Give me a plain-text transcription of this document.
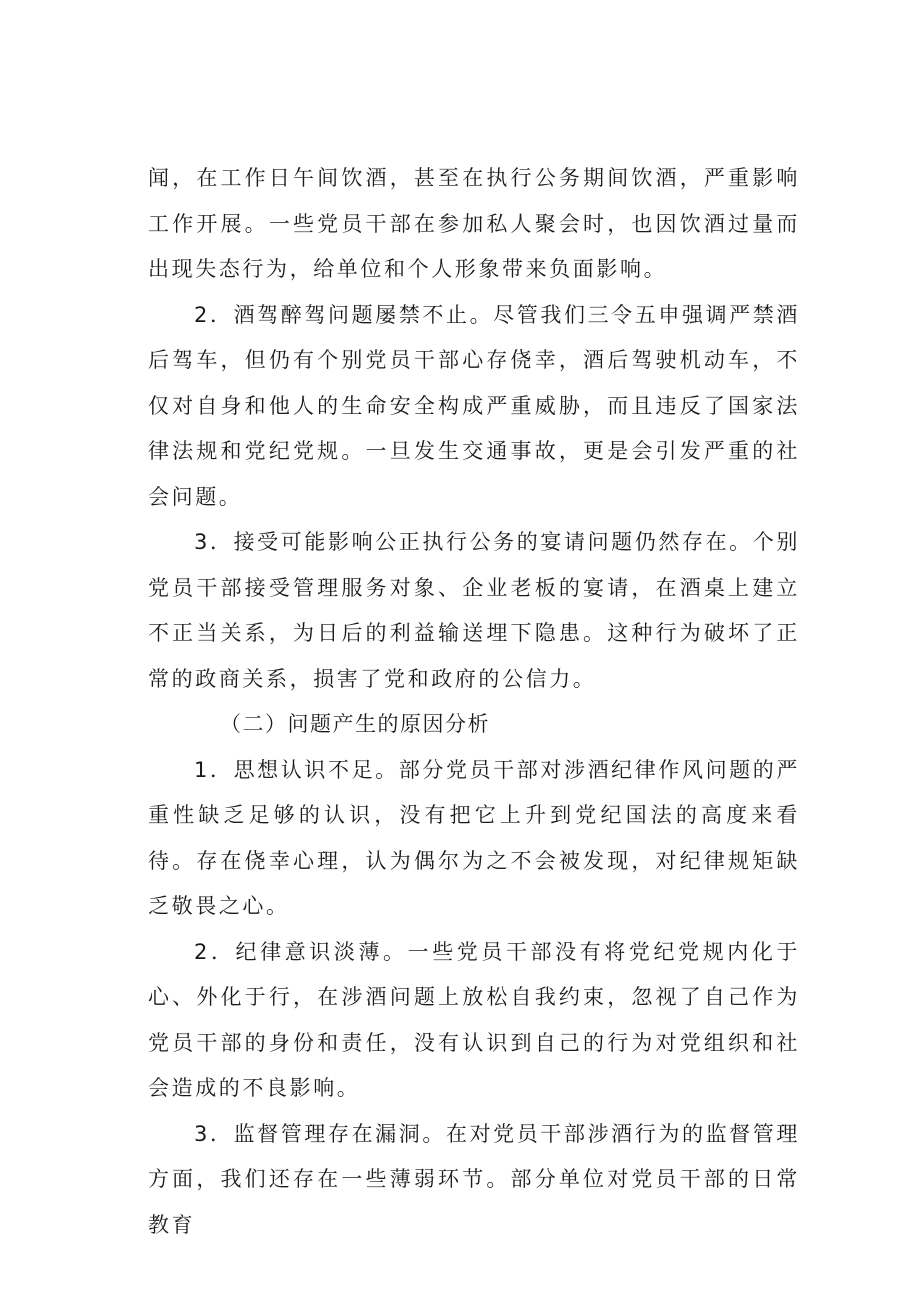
闻，在工作日午间饮酒，甚至在执行公务期间饮酒，严重影响工作开展。一些党员干部在参加私人聚会时，也因饮酒过量而出现失态行为，给单位和个人形象带来负面影响。

2．酒驾醉驾问题屡禁不止。尽管我们三令五申强调严禁酒后驾车，但仍有个别党员干部心存侥幸，酒后驾驶机动车，不仅对自身和他人的生命安全构成严重威胁，而且违反了国家法律法规和党纪党规。一旦发生交通事故，更是会引发严重的社会问题。

3．接受可能影响公正执行公务的宴请问题仍然存在。个别党员干部接受管理服务对象、企业老板的宴请，在酒桌上建立不正当关系，为日后的利益输送埋下隐患。这种行为破坏了正常的政商关系，损害了党和政府的公信力。

（二）问题产生的原因分析

1．思想认识不足。部分党员干部对涉酒纪律作风问题的严重性缺乏足够的认识，没有把它上升到党纪国法的高度来看待。存在侥幸心理，认为偶尔为之不会被发现，对纪律规矩缺乏敬畏之心。

2．纪律意识淡薄。一些党员干部没有将党纪党规内化于心、外化于行，在涉酒问题上放松自我约束，忽视了自己作为党员干部的身份和责任，没有认识到自己的行为对党组织和社会造成的不良影响。

3．监督管理存在漏洞。在对党员干部涉酒行为的监督管理方面，我们还存在一些薄弱环节。部分单位对党员干部的日常教育
